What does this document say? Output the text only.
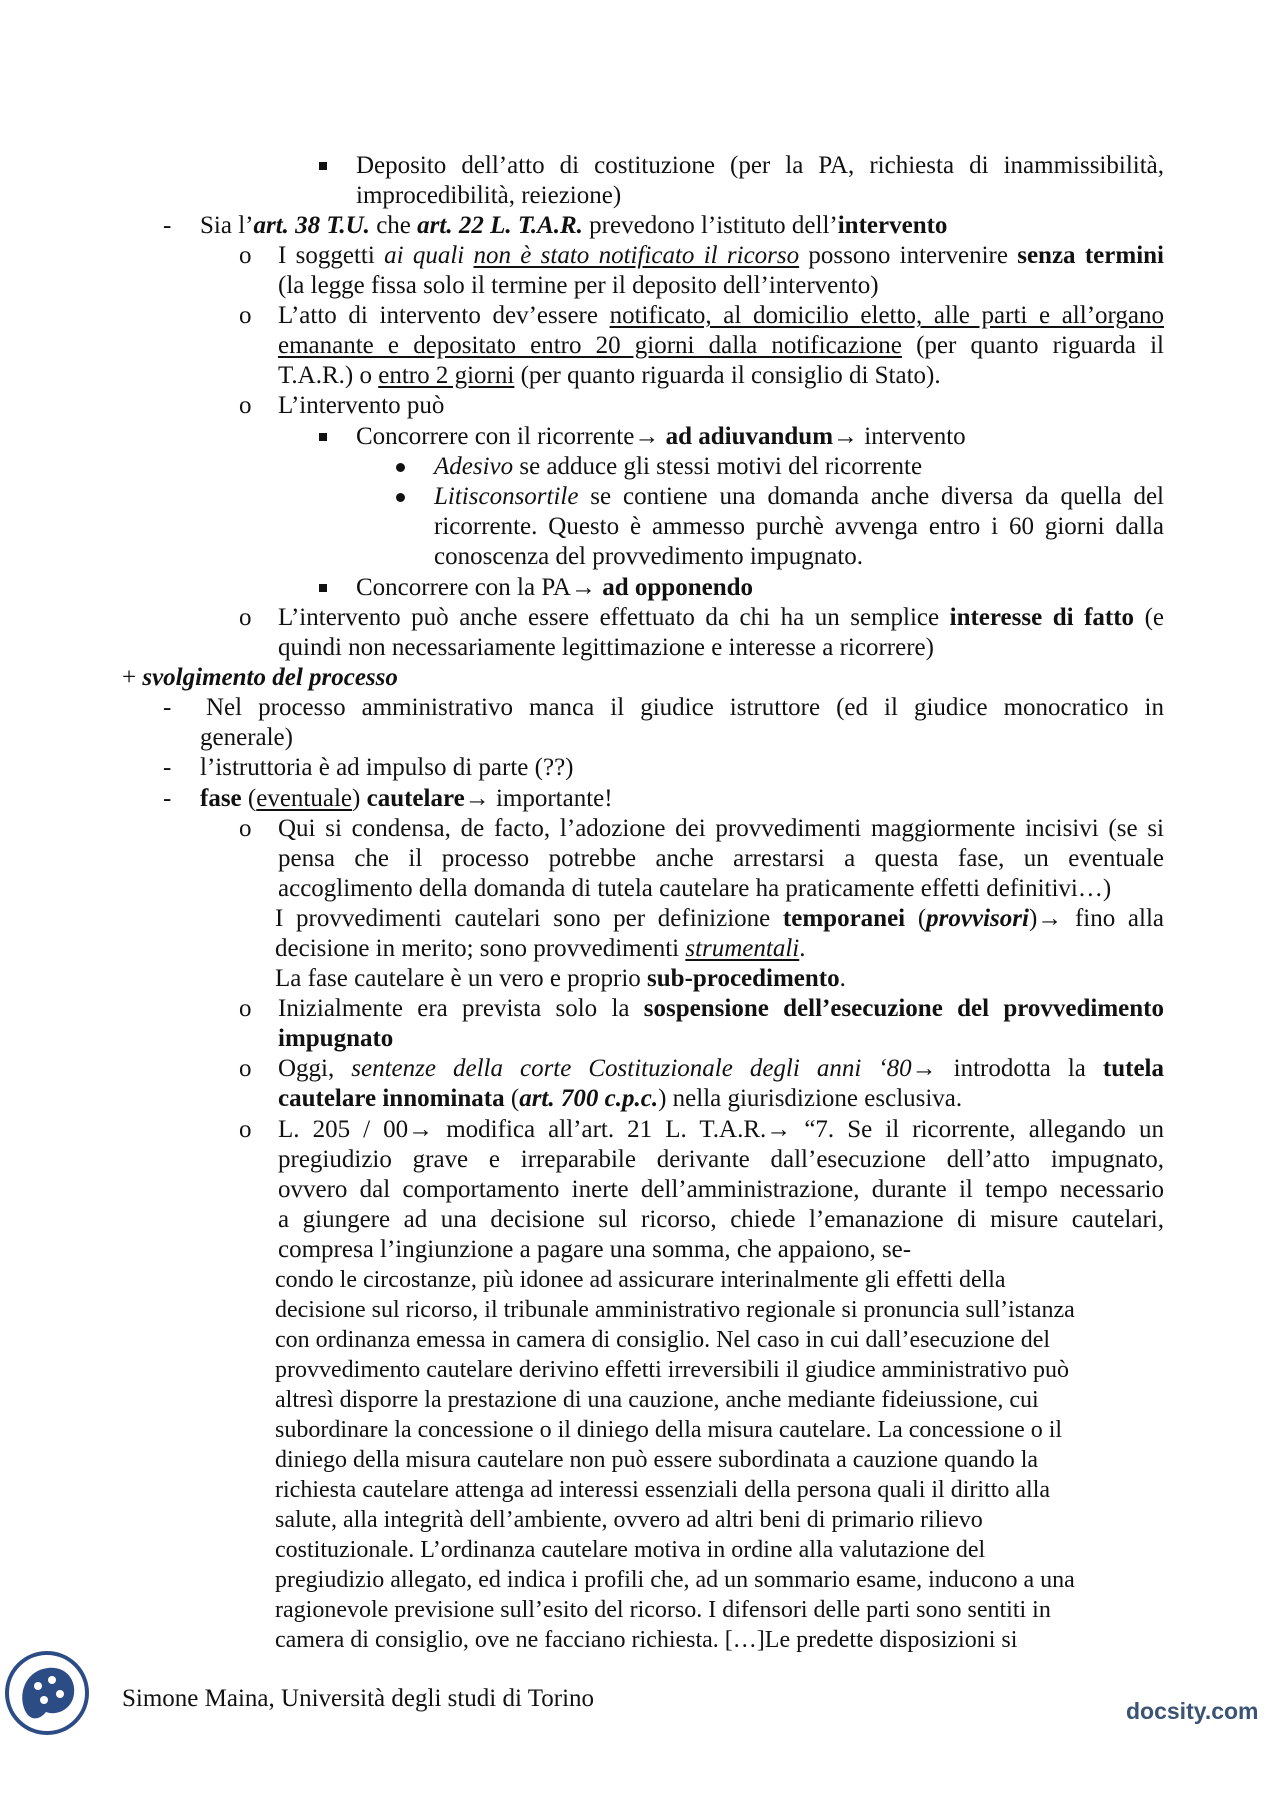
Deposito dell’atto di costituzione (per la PA, richiesta di inammissibilità,
improcedibilità, reiezione)
- Sia l’art. 38 T.U. che art. 22 L. T.A.R. prevedono l’istituto dell’intervento
o I soggetti ai quali non è stato notificato il ricorso possono intervenire senza termini
(la legge fissa solo il termine per il deposito dell’intervento)
o L’atto di intervento dev’essere notificato, al domicilio eletto, alle parti e all’organo
emanante e depositato entro 20 giorni dalla notificazione (per quanto riguarda il
T.A.R.) o entro 2 giorni (per quanto riguarda il consiglio di Stato).
o L’intervento può
Concorrere con il ricorrente→ ad adiuvandum→ intervento
Adesivo se adduce gli stessi motivi del ricorrente
Litisconsortile se contiene una domanda anche diversa da quella del
ricorrente. Questo è ammesso purchè avvenga entro i 60 giorni dalla
conoscenza del provvedimento impugnato.
Concorrere con la PA→ ad opponendo
o L’intervento può anche essere effettuato da chi ha un semplice interesse di fatto (e
quindi non necessariamente legittimazione e interesse a ricorrere)
+ svolgimento del processo
- Nel processo amministrativo manca il giudice istruttore (ed il giudice monocratico in
generale)
- l’istruttoria è ad impulso di parte (??)
- fase (eventuale) cautelare→ importante!
o Qui si condensa, de facto, l’adozione dei provvedimenti maggiormente incisivi (se si
pensa che il processo potrebbe anche arrestarsi a questa fase, un eventuale
accoglimento della domanda di tutela cautelare ha praticamente effetti definitivi…)
I provvedimenti cautelari sono per definizione temporanei (provvisori)→ fino alla
decisione in merito; sono provvedimenti strumentali.
La fase cautelare è un vero e proprio sub-procedimento.
o Inizialmente era prevista solo la sospensione dell’esecuzione del provvedimento
impugnato
o Oggi, sentenze della corte Costituzionale degli anni ‘80→ introdotta la tutela
cautelare innominata (art. 700 c.p.c.) nella giurisdizione esclusiva.
o L. 205 / 00→ modifica all’art. 21 L. T.A.R.→ “7. Se il ricorrente, allegando un
pregiudizio grave e irreparabile derivante dall’esecuzione dell’atto impugnato,
ovvero dal comportamento inerte dell’amministrazione, durante il tempo necessario
a giungere ad una decisione sul ricorso, chiede l’emanazione di misure cautelari,
compresa l’ingiunzione a pagare una somma, che appaiono, se-
condo le circostanze, più idonee ad assicurare interinalmente gli effetti della
decisione sul ricorso, il tribunale amministrativo regionale si pronuncia sull’istanza
con ordinanza emessa in camera di consiglio. Nel caso in cui dall’esecuzione del
provvedimento cautelare derivino effetti irreversibili il giudice amministrativo può
altresì disporre la prestazione di una cauzione, anche mediante fideiussione, cui
subordinare la concessione o il diniego della misura cautelare. La concessione o il
diniego della misura cautelare non può essere subordinata a cauzione quando la
richiesta cautelare attenga ad interessi essenziali della persona quali il diritto alla
salute, alla integrità dell’ambiente, ovvero ad altri beni di primario rilievo
costituzionale. L’ordinanza cautelare motiva in ordine alla valutazione del
pregiudizio allegato, ed indica i profili che, ad un sommario esame, inducono a una
ragionevole previsione sull’esito del ricorso. I difensori delle parti sono sentiti in
camera di consiglio, ove ne facciano richiesta. […]Le predette disposizioni si
Simone Maina, Università degli studi di Torino	docsity.com
